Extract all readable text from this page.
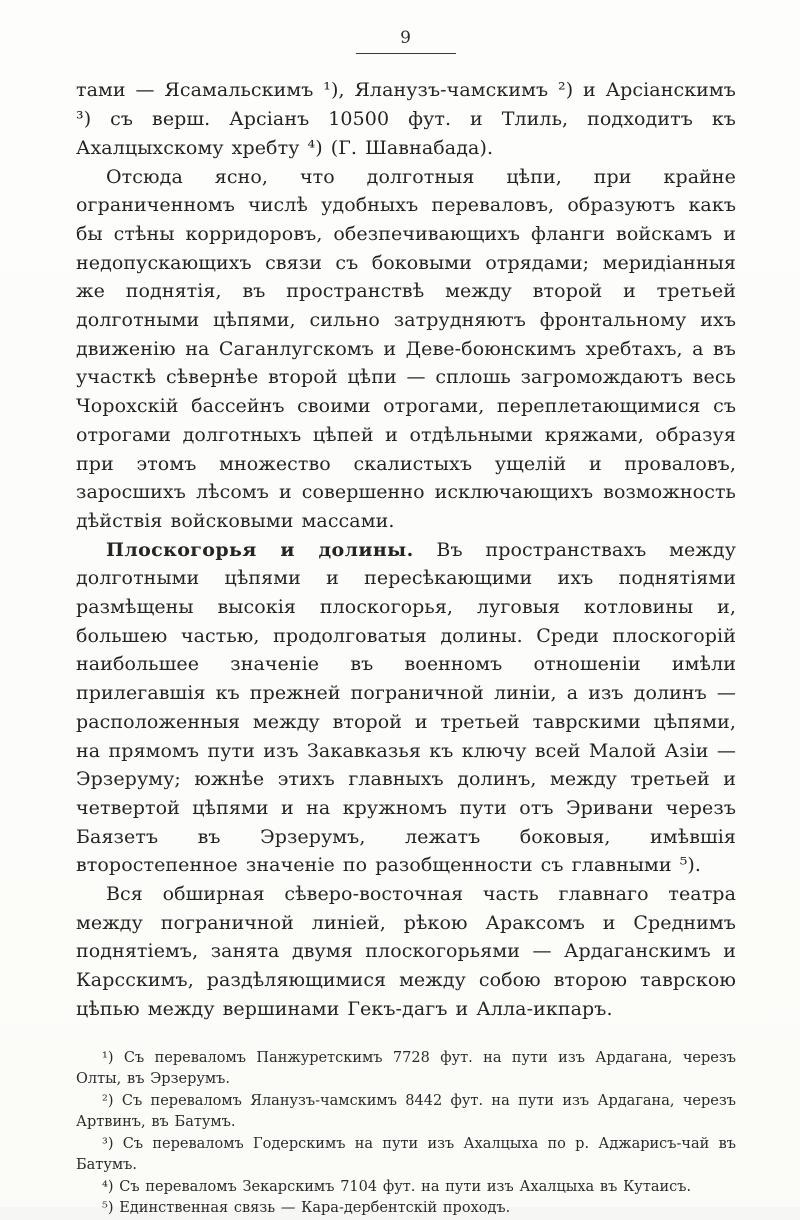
9

тами — Ясамальскимъ ¹), Яланузъ-чамскимъ ²) и Арсіанскимъ ³) съ верш. Арсіанъ 10500 фут. и Тлиль, подходитъ къ Ахалцыхскому хребту ⁴) (Г. Шавнабада).

Отсюда ясно, что долготныя цѣпи, при крайне ограниченномъ числѣ удобныхъ переваловъ, образуютъ какъ бы стѣны корридоровъ, обезпечивающихъ фланги войскамъ и недопускающихъ связи съ боковыми отрядами; меридіанныя же поднятія, въ пространствѣ между второй и третьей долготными цѣпями, сильно затрудняютъ фронтальному ихъ движенію на Саганлугскомъ и Деве-боюнскимъ хребтахъ, а въ участкѣ сѣвернѣе второй цѣпи — сплошь загромождаютъ весь Чорохскій бассейнъ своими отрогами, переплетающимися съ отрогами долготныхъ цѣпей и отдѣльными кряжами, образуя при этомъ множество скалистыхъ ущелій и проваловъ, заросшихъ лѣсомъ и совершенно исключающихъ возможность дѣйствія войсковыми массами.

Плоскогорья и долины. Въ пространствахъ между долготными цѣпями и пересѣкающими ихъ поднятіями размѣщены высокія плоскогорья, луговыя котловины и, большею частью, продолговатыя долины. Среди плоскогорій наибольшее значеніе въ военномъ отношеніи имѣли прилегавшія къ прежней пограничной линіи, а изъ долинъ — расположенныя между второй и третьей таврскими цѣпями, на прямомъ пути изъ Закавказья къ ключу всей Малой Азіи — Эрзеруму; южнѣе этихъ главныхъ долинъ, между третьей и четвертой цѣпями и на кружномъ пути отъ Эривани черезъ Баязетъ въ Эрзерумъ, лежатъ боковыя, имѣвшія второстепенное значеніе по разобщенности съ главными ⁵).

Вся обширная сѣверо-восточная часть главнаго театра между пограничной линіей, рѣкою Араксомъ и Среднимъ поднятіемъ, занята двумя плоскогорьями — Ардаганскимъ и Карсскимъ, раздѣляющимися между собою второю таврскою цѣпью между вершинами Гекъ-дагъ и Алла-икпаръ.

¹) Съ переваломъ Панжуретскимъ 7728 фут. на пути изъ Ардагана, черезъ Олты, въ Эрзерумъ.

²) Съ переваломъ Яланузъ-чамскимъ 8442 фут. на пути изъ Ардагана, черезъ Артвинъ, въ Батумъ.

³) Съ переваломъ Годерскимъ на пути изъ Ахалцыха по р. Аджарисъ-чай въ Батумъ.

⁴) Съ переваломъ Зекарскимъ 7104 фут. на пути изъ Ахалцыха въ Кутаисъ.

⁵) Единственная связь — Кара-дербентскій проходъ.
